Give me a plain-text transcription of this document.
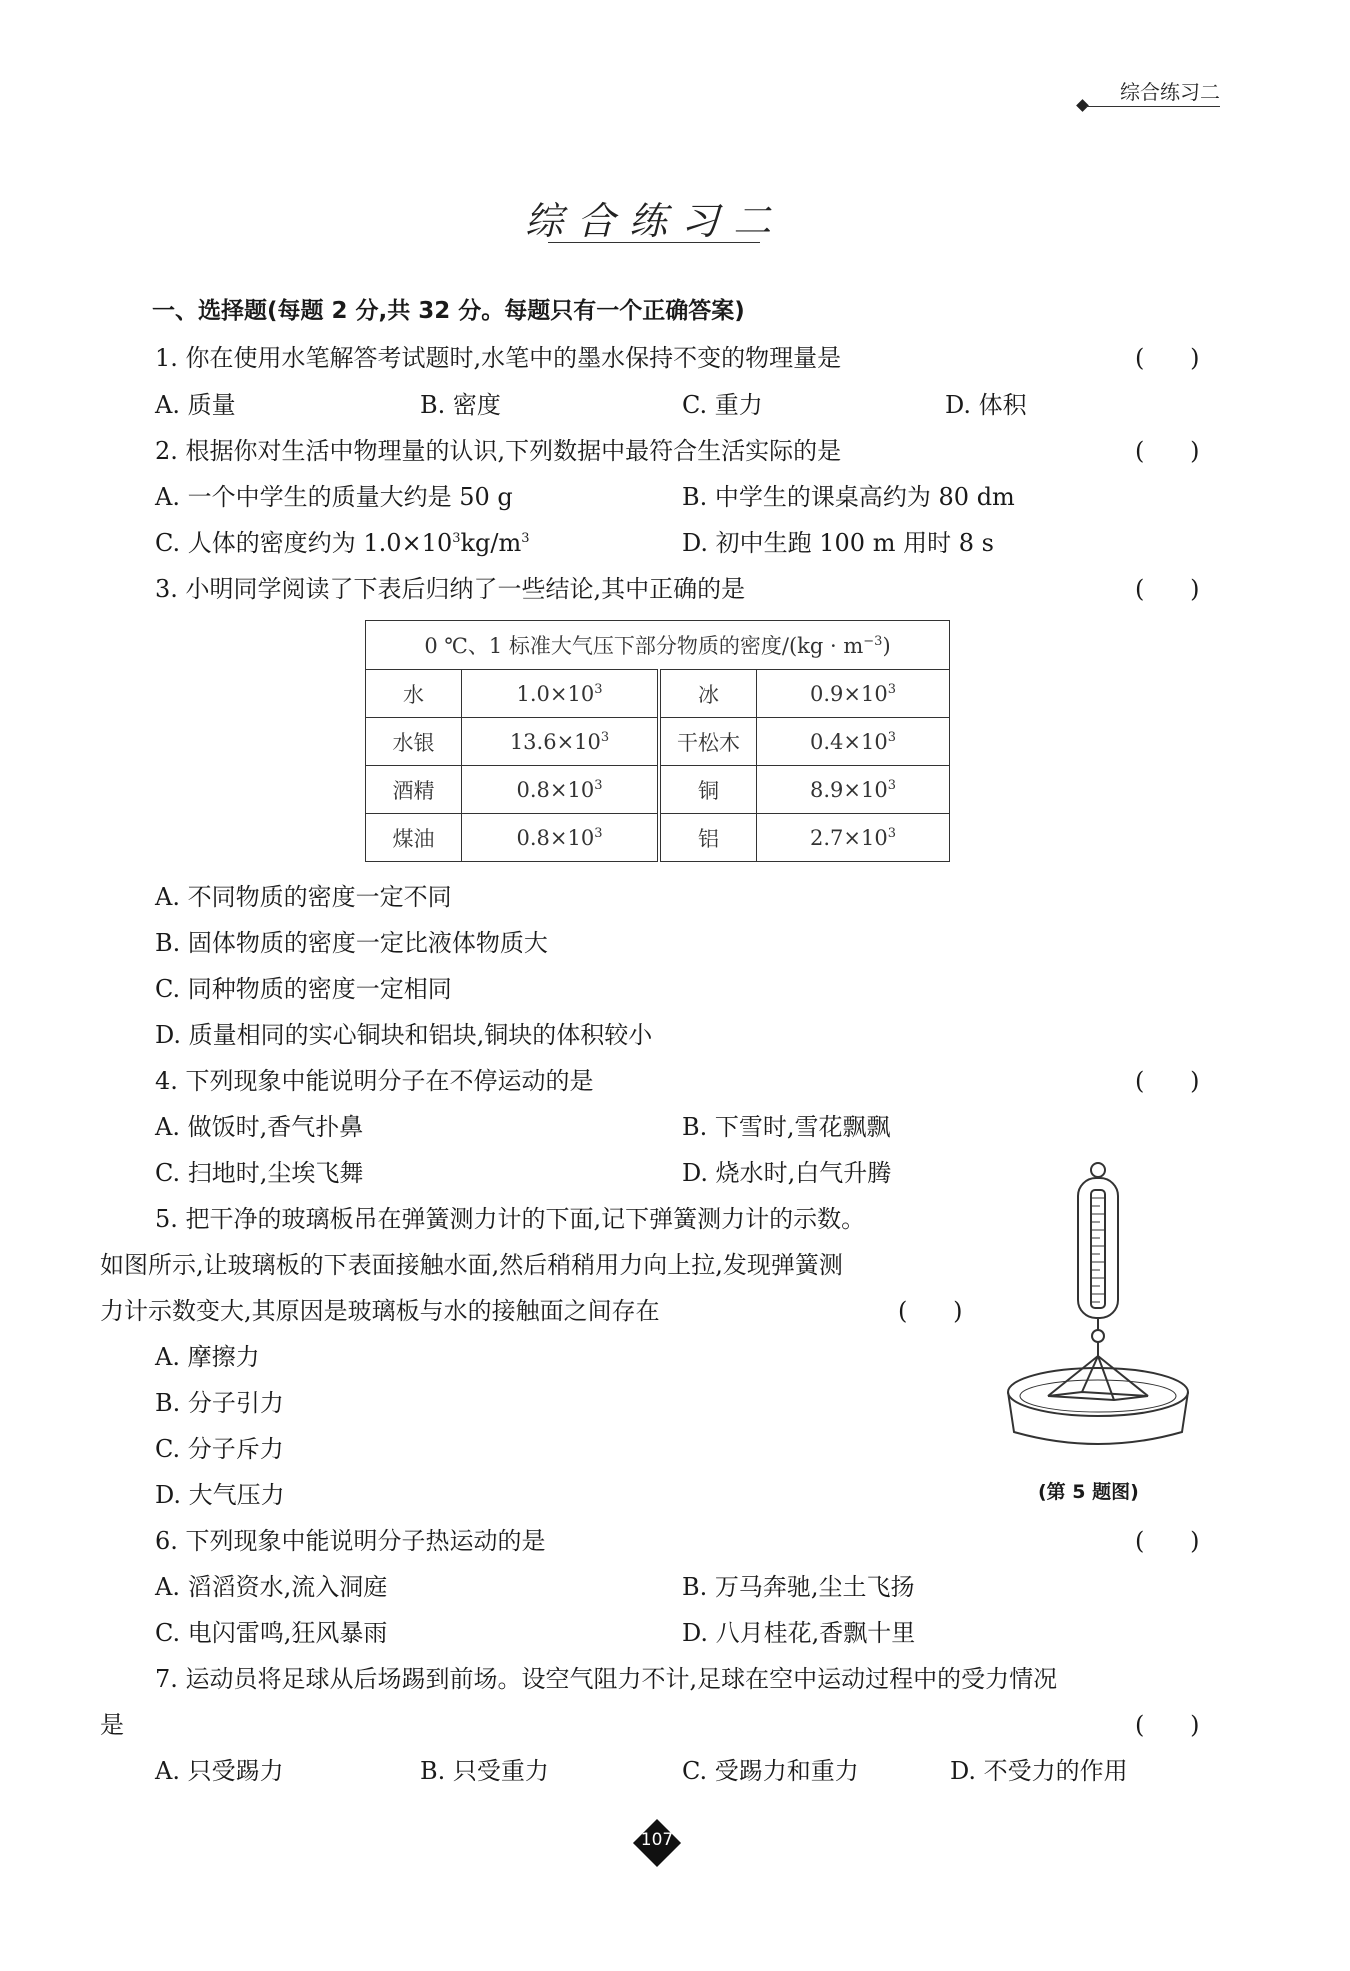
综合练习二
综合练习二
一、选择题(每题 2 分,共 32 分。每题只有一个正确答案)
1. 你在使用水笔解答考试题时,水笔中的墨水保持不变的物理量是	(      )
A. 质量	B. 密度	C. 重力	D. 体积
2. 根据你对生活中物理量的认识,下列数据中最符合生活实际的是	(      )
A. 一个中学生的质量大约是 50 g	B. 中学生的课桌高约为 80 dm
C. 人体的密度约为 $1.0\times 10^3kg/m^3$	D. 初中生跑 100 m 用时 8 s
3. 小明同学阅读了下表后归纳了一些结论,其中正确的是	(      )
0 ℃、1 标准大气压下部分物质的密度$/(kg \cdot m^{-3})$			
水	$1.0\times 10^3$	冰	$0.9\times 10^3$
水银	$13.6\times 10^3$	干松木	$0.4\times 10^3$
酒精	$0.8\times 10^3$	铜	$8.9\times 10^3$
煤油	$0.8\times 10^3$	铝	$2.7\times 10^3$
A. 不同物质的密度一定不同
B. 固体物质的密度一定比液体物质大
C. 同种物质的密度一定相同
D. 质量相同的实心铜块和铝块,铜块的体积较小
4. 下列现象中能说明分子在不停运动的是	(      )
A. 做饭时,香气扑鼻	B. 下雪时,雪花飘飘
C. 扫地时,尘埃飞舞	D. 烧水时,白气升腾
5. 把干净的玻璃板吊在弹簧测力计的下面,记下弹簧测力计的示数。
如图所示,让玻璃板的下表面接触水面,然后稍稍用力向上拉,发现弹簧测
力计示数变大,其原因是玻璃板与水的接触面之间存在	(      )
A. 摩擦力
B. 分子引力
C. 分子斥力
D. 大气压力	(第 5 题图)
6. 下列现象中能说明分子热运动的是	(      )
A. 滔滔资水,流入洞庭	B. 万马奔驰,尘土飞扬
C. 电闪雷鸣,狂风暴雨	D. 八月桂花,香飘十里
7. 运动员将足球从后场踢到前场。设空气阻力不计,足球在空中运动过程中的受力情况
是	(      )
A. 只受踢力	B. 只受重力	C. 受踢力和重力	D. 不受力的作用
107
